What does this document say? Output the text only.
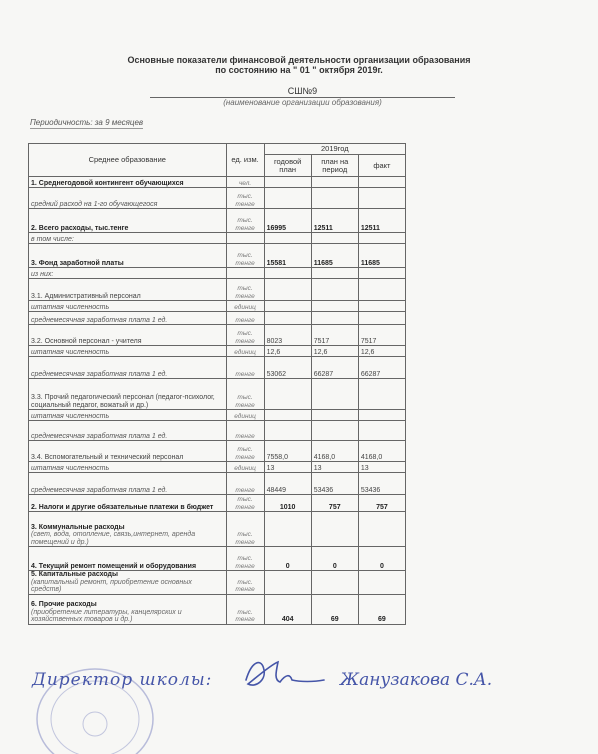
Основные показатели финансовой деятельности организации образования
по состоянию на " 01 " октября 2019г.
СШ№9
(наименование организации образования)
Периодичность: за 9 месяцев
Среднее образование	ед. изм.	2019год		
		годовой план	план на период	факт
1. Среднегодовой контингент обучающихся	чел.			
средний расход на 1-го обучающегося	тыс. тенге			
2. Всего расходы, тыс.тенге	тыс. тенге	16995	12511	12511
в том числе:				
3. Фонд заработной платы	тыс. тенге	15581	11685	11685
из них:				
3.1. Административный персонал	тыс. тенге			
штатная численность	единиц			
среднемесячная заработная плата 1 ед.	тенге			
3.2. Основной персонал - учителя	тыс. тенге	8023	7517	7517
штатная численность	единиц	12,6	12,6	12,6
среднемесячная заработная плата 1 ед.	тенге	53062	66287	66287
3.3. Прочий педагогический персонал (педагог-психолог, социальный педагог, вожатый и др.)	тыс. тенге			
штатная численность	единиц			
среднемесячная заработная плата 1 ед.	тенге			
3.4. Вспомогательный и технический персонал	тыс. тенге	7558,0	4168,0	4168,0
штатная численность	единиц	13	13	13
среднемесячная заработная плата 1 ед.	тенге	48449	53436	53436
2. Налоги и другие обязательные платежи в бюджет	тыс. тенге	1010	757	757
3. Коммунальные расходы
(свет, вода, отопление, связь,интернет, аренда помещений и др.)	тыс. тенге			
4. Текущий ремонт помещений и оборудования	тыс. тенге	0	0	0
5. Капитальные расходы
(капитальный ремонт, приобретение основных средств)	тыс. тенге			
6. Прочие расходы
(приобретение литературы, канцелярских и хозяйственных товаров и др.)	тыс. тенге	404	69	69
Директор школы:	Жанузакова С.А.
